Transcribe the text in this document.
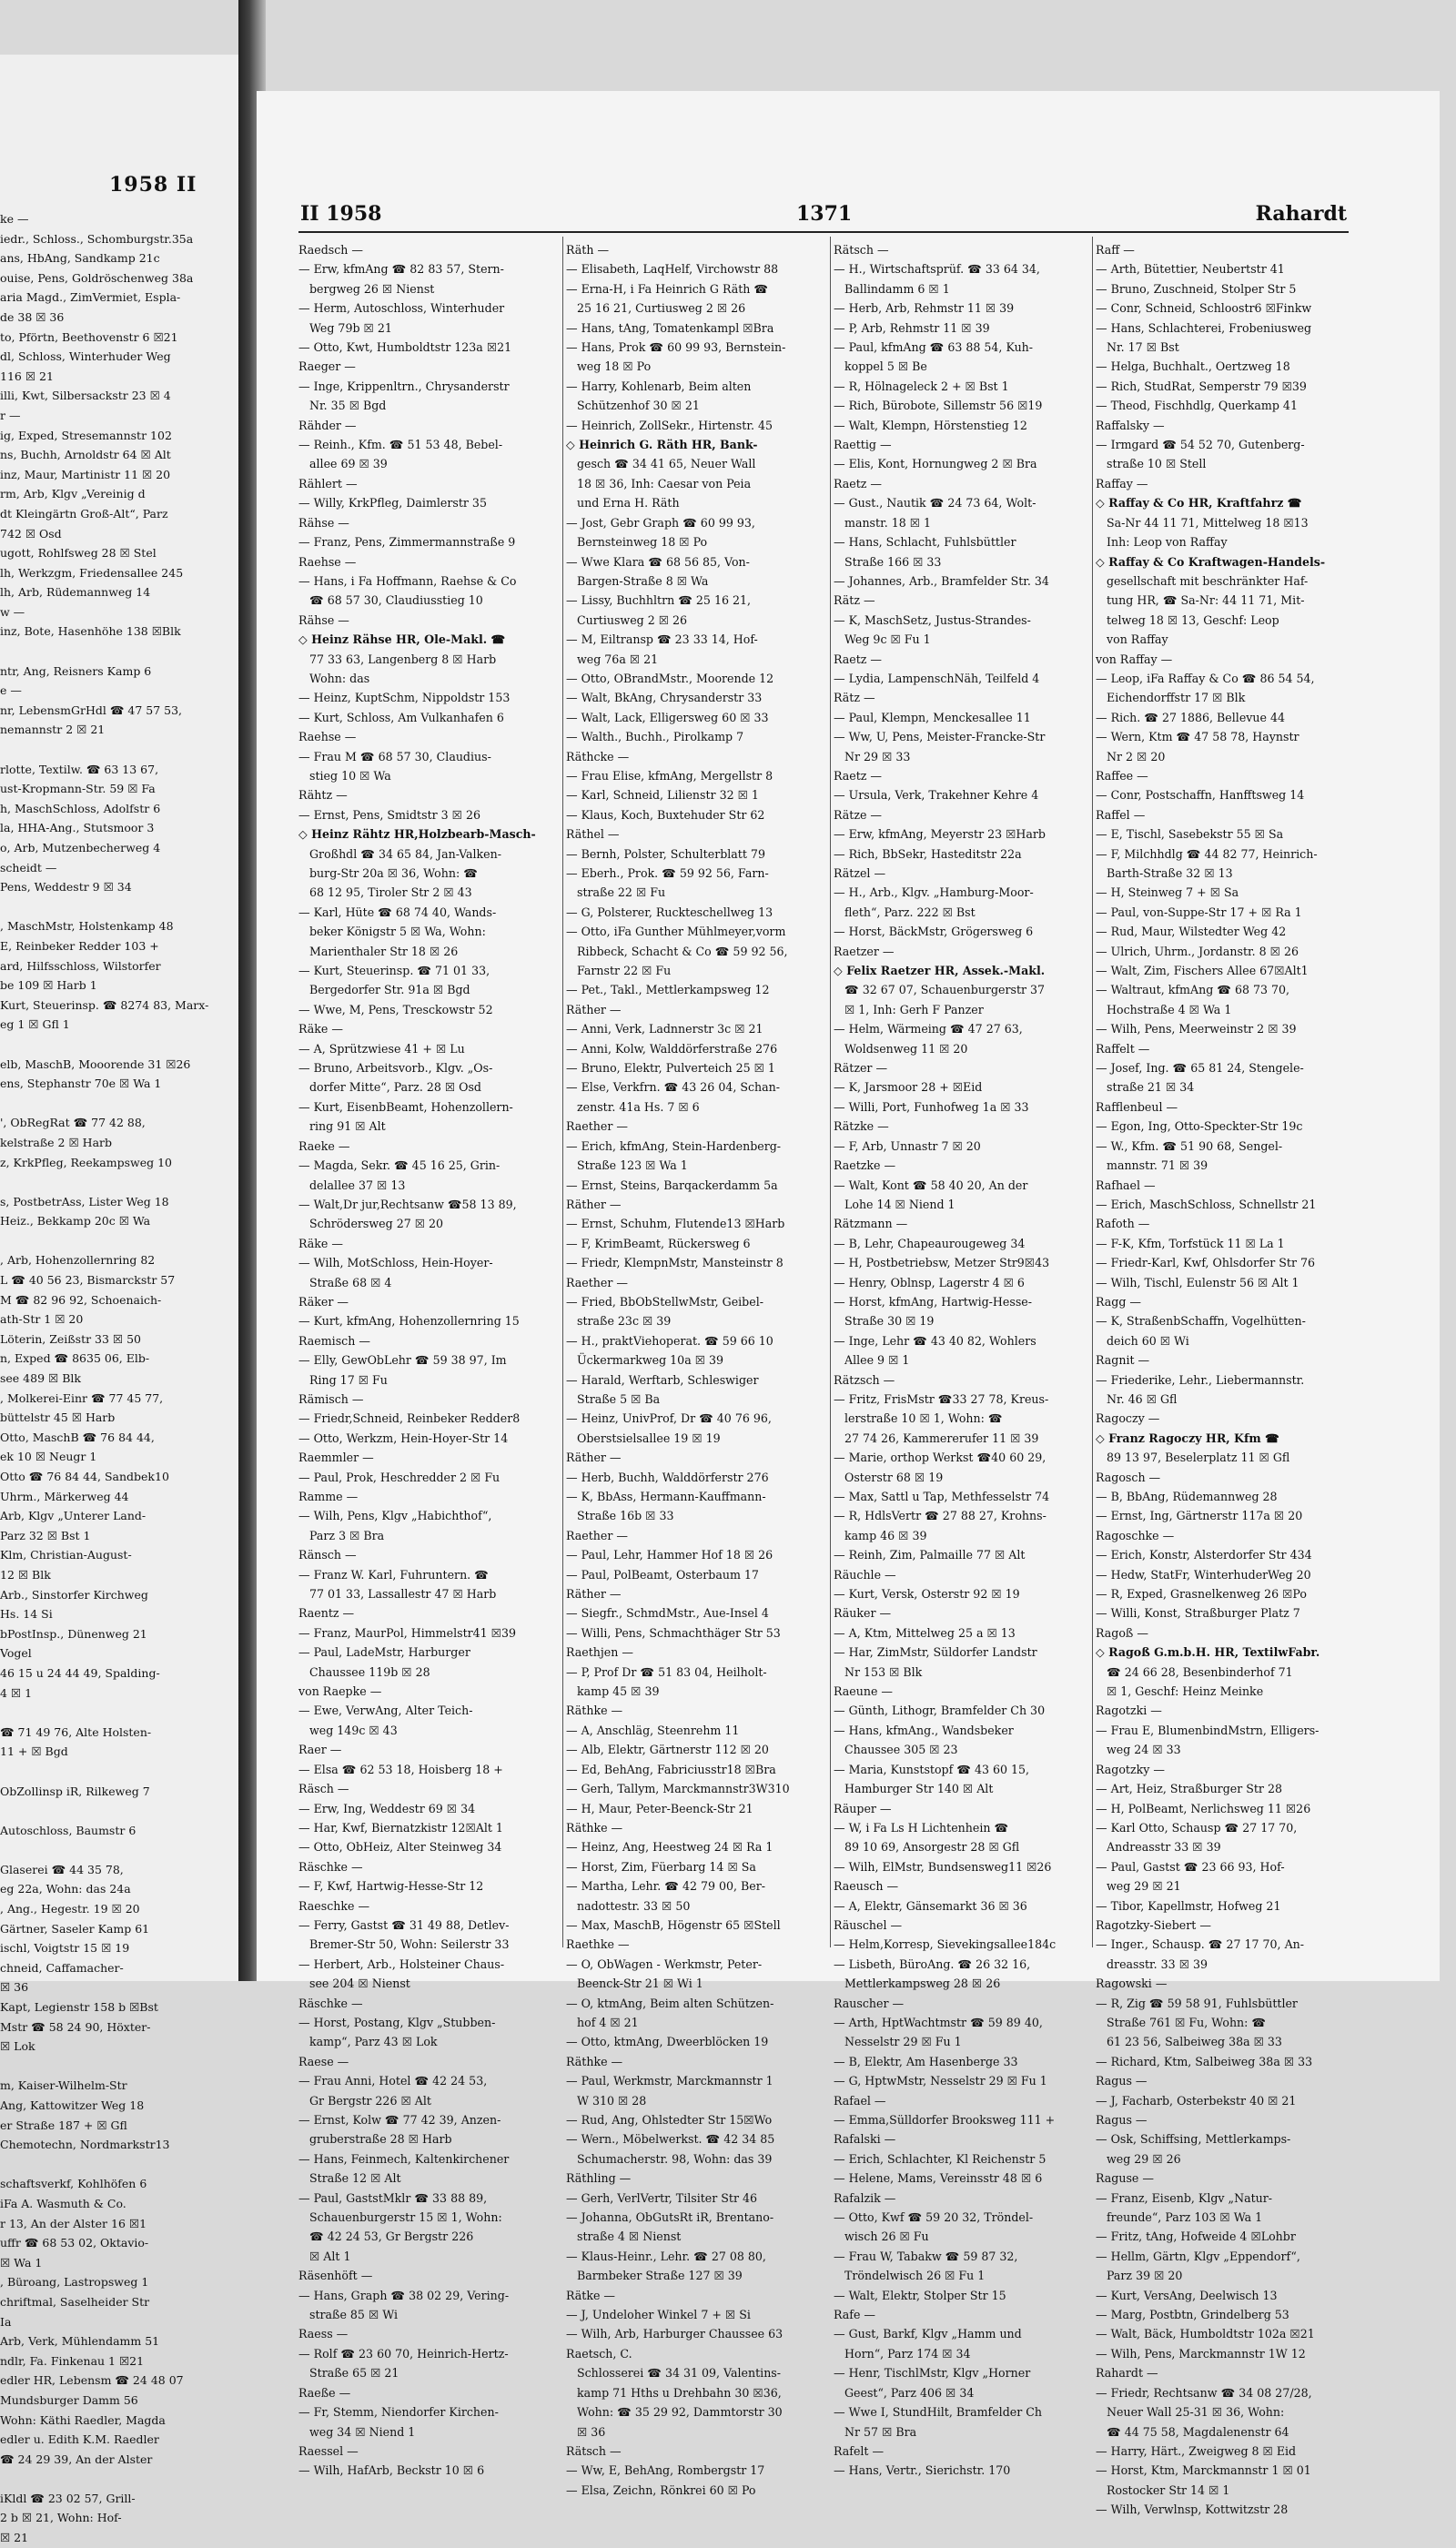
1958 II
ke —
iedr., Schloss., Schomburgstr.35a
ans, HbAng, Sandkamp 21c
ouise, Pens, Goldröschenweg 38a
aria Magd., ZimVermiet, Espla-
de 38 ☒ 36
to, Pförtn, Beethovenstr 6 ☒21
dl, Schloss, Winterhuder Weg
116 ☒ 21
illi, Kwt, Silbersackstr 23 ☒ 4
r —
ig, Exped, Stresemannstr 102
ns, Buchh, Arnoldstr 64 ☒ Alt
inz, Maur, Martinistr 11 ☒ 20
rm, Arb, Klgv „Vereinig d
dt Kleingärtn Groß-Alt“, Parz
742 ☒ Osd
ugott, Rohlfsweg 28 ☒ Stel
lh, Werkzgm, Friedensallee 245
lh, Arb, Rüdemannweg 14
w —
inz, Bote, Hasenhöhe 138 ☒Blk

ntr, Ang, Reisners Kamp 6
e —
nr, LebensmGrHdl ☎ 47 57 53,
nemannstr 2 ☒ 21

rlotte, Textilw. ☎ 63 13 67,
ust-Kropmann-Str. 59 ☒ Fa
h, MaschSchloss, Adolfstr 6
la, HHA-Ang., Stutsmoor 3
o, Arb, Mutzenbecherweg 4
scheidt —
Pens, Weddestr 9 ☒ 34

, MaschMstr, Holstenkamp 48
E, Reinbeker Redder 103 +
ard, Hilfsschloss, Wilstorfer
be 109 ☒ Harb 1
Kurt, Steuerinsp. ☎ 8274 83, Marx-
eg 1 ☒ Gfl 1

elb, MaschB, Mooorende 31 ☒26
ens, Stephanstr 70e ☒ Wa 1

', ObRegRat ☎ 77 42 88,
kelstraße 2 ☒ Harb
z, KrkPfleg, Reekampsweg 10

s, PostbetrAss, Lister Weg 18
Heiz., Bekkamp 20c ☒ Wa

, Arb, Hohenzollernring 82
L ☎ 40 56 23, Bismarckstr 57
M ☎ 82 96 92, Schoenaich-
ath-Str 1 ☒ 20
Löterin, Zeißstr 33 ☒ 50
n, Exped ☎ 8635 06, Elb-
see 489 ☒ Blk
, Molkerei-Einr ☎ 77 45 77,
büttelstr 45 ☒ Harb
Otto, MaschB ☎ 76 84 44,
ek 10 ☒ Neugr 1
Otto ☎ 76 84 44, Sandbek10
Uhrm., Märkerweg 44
Arb, Klgv „Unterer Land-
Parz 32 ☒ Bst 1
Klm, Christian-August-
12 ☒ Blk
Arb., Sinstorfer Kirchweg
Hs. 14 Si
bPostInsp., Dünenweg 21
Vogel
46 15 u 24 44 49, Spalding-
4 ☒ 1

☎ 71 49 76, Alte Holsten-
11 + ☒ Bgd

ObZollinsp iR, Rilkeweg 7

Autoschloss, Baumstr 6

Glaserei ☎ 44 35 78,
eg 22a, Wohn: das 24a
, Ang., Hegestr. 19 ☒ 20
Gärtner, Saseler Kamp 61
ischl, Voigtstr 15 ☒ 19
chneid, Caffamacher-
☒ 36
Kapt, Legienstr 158 b ☒Bst
Mstr ☎ 58 24 90, Höxter-
☒ Lok

m, Kaiser-Wilhelm-Str
Ang, Kattowitzer Weg 18
er Straße 187 + ☒ Gfl
Chemotechn, Nordmarkstr13

schaftsverkf, Kohlhöfen 6
iFa A. Wasmuth & Co.
r 13, An der Alster 16 ☒1
uffr ☎ 68 53 02, Oktavio-
☒ Wa 1
, Büroang, Lastropsweg 1
chriftmal, Saselheider Str
Ia
Arb, Verk, Mühlendamm 51
ndlr, Fa. Finkenau 1 ☒21
edler HR, Lebensm ☎ 24 48 07
Mundsburger Damm 56
Wohn: Käthi Raedler, Magda
edler u. Edith K.M. Raedler
☎ 24 29 39, An der Alster

iKldl ☎ 23 02 57, Grill-
2 b ☒ 21, Wohn: Hof-
☒ 21
II 1958	1371	Rahardt
Raedsch —
— Erw, kfmAng ☎ 82 83 57, Stern-
bergweg 26 ☒ Nienst
— Herm, Autoschloss, Winterhuder
Weg 79b ☒ 21
— Otto, Kwt, Humboldtstr 123a ☒21
Raeger —
— Inge, Krippenltrn., Chrysanderstr
Nr. 35 ☒ Bgd
Rähder —
— Reinh., Kfm. ☎ 51 53 48, Bebel-
allee 69 ☒ 39
Rählert —
— Willy, KrkPfleg, Daimlerstr 35
Rähse —
— Franz, Pens, Zimmermannstraße 9
Raehse —
— Hans, i Fa Hoffmann, Raehse & Co
☎ 68 57 30, Claudiusstieg 10
Rähse —
◇ Heinz Rähse HR, Ole-Makl. ☎
77 33 63, Langenberg 8 ☒ Harb
Wohn: das
— Heinz, KuptSchm, Nippoldstr 153
— Kurt, Schloss, Am Vulkanhafen 6
Raehse —
— Frau M ☎ 68 57 30, Claudius-
stieg 10 ☒ Wa
Rähtz —
— Ernst, Pens, Smidtstr 3 ☒ 26
◇ Heinz Rähtz HR,Holzbearb-Masch-
Großhdl ☎ 34 65 84, Jan-Valken-
burg-Str 20a ☒ 36, Wohn: ☎
68 12 95, Tiroler Str 2 ☒ 43
— Karl, Hüte ☎ 68 74 40, Wands-
beker Königstr 5 ☒ Wa, Wohn:
Marienthaler Str 18 ☒ 26
— Kurt, Steuerinsp. ☎ 71 01 33,
Bergedorfer Str. 91a ☒ Bgd
— Wwe, M, Pens, Tresckowstr 52
Räke —
— A, Sprützwiese 41 + ☒ Lu
— Bruno, Arbeitsvorb., Klgv. „Os-
dorfer Mitte“, Parz. 28 ☒ Osd
— Kurt, EisenbBeamt, Hohenzollern-
ring 91 ☒ Alt
Raeke —
— Magda, Sekr. ☎ 45 16 25, Grin-
delallee 37 ☒ 13
— Walt,Dr jur,Rechtsanw ☎58 13 89,
Schrödersweg 27 ☒ 20
Räke —
— Wilh, MotSchloss, Hein-Hoyer-
Straße 68 ☒ 4
Räker —
— Kurt, kfmAng, Hohenzollernring 15
Raemisch —
— Elly, GewObLehr ☎ 59 38 97, Im
Ring 17 ☒ Fu
Rämisch —
— Friedr,Schneid, Reinbeker Redder8
— Otto, Werkzm, Hein-Hoyer-Str 14
Raemmler —
— Paul, Prok, Heschredder 2 ☒ Fu
Ramme —
— Wilh, Pens, Klgv „Habichthof“,
Parz 3 ☒ Bra
Ränsch —
— Franz W. Karl, Fuhruntern. ☎
77 01 33, Lassallestr 47 ☒ Harb
Raentz —
— Franz, MaurPol, Himmelstr41 ☒39
— Paul, LadeMstr, Harburger
Chaussee 119b ☒ 28
von Raepke —
— Ewe, VerwAng, Alter Teich-
weg 149c ☒ 43
Raer —
— Elsa ☎ 62 53 18, Hoisberg 18 +
Räsch —
— Erw, Ing, Weddestr 69 ☒ 34
— Har, Kwf, Biernatzkistr 12☒Alt 1
— Otto, ObHeiz, Alter Steinweg 34
Räschke —
— F, Kwf, Hartwig-Hesse-Str 12
Raeschke —
— Ferry, Gastst ☎ 31 49 88, Detlev-
Bremer-Str 50, Wohn: Seilerstr 33
— Herbert, Arb., Holsteiner Chaus-
see 204 ☒ Nienst
Räschke —
— Horst, Postang, Klgv „Stubben-
kamp“, Parz 43 ☒ Lok
Raese —
— Frau Anni, Hotel ☎ 42 24 53,
Gr Bergstr 226 ☒ Alt
— Ernst, Kolw ☎ 77 42 39, Anzen-
gruberstraße 28 ☒ Harb
— Hans, Feinmech, Kaltenkirchener
Straße 12 ☒ Alt
— Paul, GaststMklr ☎ 33 88 89,
Schauenburgerstr 15 ☒ 1, Wohn:
☎ 42 24 53, Gr Bergstr 226
☒ Alt 1
Räsenhöft —
— Hans, Graph ☎ 38 02 29, Vering-
straße 85 ☒ Wi
Raess —
— Rolf ☎ 23 60 70, Heinrich-Hertz-
Straße 65 ☒ 21
Raeße —
— Fr, Stemm, Niendorfer Kirchen-
weg 34 ☒ Niend 1
Raessel —
— Wilh, HafArb, Beckstr 10 ☒ 6
Räth —
— Elisabeth, LaqHelf, Virchowstr 88
— Erna-H, i Fa Heinrich G Räth ☎
25 16 21, Curtiusweg 2 ☒ 26
— Hans, tAng, Tomatenkampl ☒Bra
— Hans, Prok ☎ 60 99 93, Bernstein-
weg 18 ☒ Po
— Harry, Kohlenarb, Beim alten
Schützenhof 30 ☒ 21
— Heinrich, ZollSekr., Hirtenstr. 45
◇ Heinrich G. Räth HR, Bank-
gesch ☎ 34 41 65, Neuer Wall
18 ☒ 36, Inh: Caesar von Peia
und Erna H. Räth
— Jost, Gebr Graph ☎ 60 99 93,
Bernsteinweg 18 ☒ Po
— Wwe Klara ☎ 68 56 85, Von-
Bargen-Straße 8 ☒ Wa
— Lissy, Buchhltrn ☎ 25 16 21,
Curtiusweg 2 ☒ 26
— M, Eiltransp ☎ 23 33 14, Hof-
weg 76a ☒ 21
— Otto, OBrandMstr., Moorende 12
— Walt, BkAng, Chrysanderstr 33
— Walt, Lack, Elligersweg 60 ☒ 33
— Walth., Buchh., Pirolkamp 7
Räthcke —
— Frau Elise, kfmAng, Mergellstr 8
— Karl, Schneid, Lilienstr 32 ☒ 1
— Klaus, Koch, Buxtehuder Str 62
Räthel —
— Bernh, Polster, Schulterblatt 79
— Eberh., Prok. ☎ 59 92 56, Farn-
straße 22 ☒ Fu
— G, Polsterer, Ruckteschellweg 13
— Otto, iFa Gunther Mühlmeyer,vorm
Ribbeck, Schacht & Co ☎ 59 92 56,
Farnstr 22 ☒ Fu
— Pet., Takl., Mettlerkampsweg 12
Räther —
— Anni, Verk, Ladnnerstr 3c ☒ 21
— Anni, Kolw, Walddörferstraße 276
— Bruno, Elektr, Pulverteich 25 ☒ 1
— Else, Verkfrn. ☎ 43 26 04, Schan-
zenstr. 41a Hs. 7 ☒ 6
Raether —
— Erich, kfmAng, Stein-Hardenberg-
Straße 123 ☒ Wa 1
— Ernst, Steins, Barqackerdamm 5a
Räther —
— Ernst, Schuhm, Flutende13 ☒Harb
— F, KrimBeamt, Rückersweg 6
— Friedr, KlempnMstr, Mansteinstr 8
Raether —
— Fried, BbObStellwMstr, Geibel-
straße 23c ☒ 39
— H., praktViehoperat. ☎ 59 66 10
Ückermarkweg 10a ☒ 39
— Harald, Werftarb, Schleswiger
Straße 5 ☒ Ba
— Heinz, UnivProf, Dr ☎ 40 76 96,
Oberstsielsallee 19 ☒ 19
Räther —
— Herb, Buchh, Walddörferstr 276
— K, BbAss, Hermann-Kauffmann-
Straße 16b ☒ 33
Raether —
— Paul, Lehr, Hammer Hof 18 ☒ 26
— Paul, PolBeamt, Osterbaum 17
Räther —
— Siegfr., SchmdMstr., Aue-Insel 4
— Willi, Pens, Schmachthäger Str 53
Raethjen —
— P, Prof Dr ☎ 51 83 04, Heilholt-
kamp 45 ☒ 39
Räthke —
— A, Anschläg, Steenrehm 11
— Alb, Elektr, Gärtnerstr 112 ☒ 20
— Ed, BehAng, Fabriciusstr18 ☒Bra
— Gerh, Tallym, Marckmannstr3W310
— H, Maur, Peter-Beenck-Str 21
Räthke —
— Heinz, Ang, Heestweg 24 ☒ Ra 1
— Horst, Zim, Füerbarg 14 ☒ Sa
— Martha, Lehr. ☎ 42 79 00, Ber-
nadottestr. 33 ☒ 50
— Max, MaschB, Högenstr 65 ☒Stell
Raethke —
— O, ObWagen - Werkmstr, Peter-
Beenck-Str 21 ☒ Wi 1
— O, ktmAng, Beim alten Schützen-
hof 4 ☒ 21
— Otto, ktmAng, Dweerblöcken 19
Räthke —
— Paul, Werkmstr, Marckmannstr 1
W 310 ☒ 28
— Rud, Ang, Ohlstedter Str 15☒Wo
— Wern., Möbelwerkst. ☎ 42 34 85
Schumacherstr. 98, Wohn: das 39
Räthling —
— Gerh, VerlVertr, Tilsiter Str 46
— Johanna, ObGutsRt iR, Brentano-
straße 4 ☒ Nienst
— Klaus-Heinr., Lehr. ☎ 27 08 80,
Barmbeker Straße 127 ☒ 39
Rätke —
— J, Undeloher Winkel 7 + ☒ Si
— Wilh, Arb, Harburger Chaussee 63
Raetsch, C.
Schlosserei ☎ 34 31 09, Valentins-
kamp 71 Hths u Drehbahn 30 ☒36,
Wohn: ☎ 35 29 92, Dammtorstr 30
☒ 36
Rätsch —
— Ww, E, BehAng, Rombergstr 17
— Elsa, Zeichn, Rönkrei 60 ☒ Po
Rätsch —
— H., Wirtschaftsprüf. ☎ 33 64 34,
Ballindamm 6 ☒ 1
— Herb, Arb, Rehmstr 11 ☒ 39
— P, Arb, Rehmstr 11 ☒ 39
— Paul, kfmAng ☎ 63 88 54, Kuh-
koppel 5 ☒ Be
— R, Hölnageleck 2 + ☒ Bst 1
— Rich, Bürobote, Sillemstr 56 ☒19
— Walt, Klempn, Hörstenstieg 12
Raettig —
— Elis, Kont, Hornungweg 2 ☒ Bra
Raetz —
— Gust., Nautik ☎ 24 73 64, Wolt-
manstr. 18 ☒ 1
— Hans, Schlacht, Fuhlsbüttler
Straße 166 ☒ 33
— Johannes, Arb., Bramfelder Str. 34
Rätz —
— K, MaschSetz, Justus-Strandes-
Weg 9c ☒ Fu 1
Raetz —
— Lydia, LampenschNäh, Teilfeld 4
Rätz —
— Paul, Klempn, Menckesallee 11
— Ww, U, Pens, Meister-Francke-Str
Nr 29 ☒ 33
Raetz —
— Ursula, Verk, Trakehner Kehre 4
Rätze —
— Erw, kfmAng, Meyerstr 23 ☒Harb
— Rich, BbSekr, Hasteditstr 22a
Rätzel —
— H., Arb., Klgv. „Hamburg-Moor-
fleth“, Parz. 222 ☒ Bst
— Horst, BäckMstr, Grögersweg 6
Raetzer —
◇ Felix Raetzer HR, Assek.-Makl.
☎ 32 67 07, Schauenburgerstr 37
☒ 1, Inh: Gerh F Panzer
— Helm, Wärmeing ☎ 47 27 63,
Woldsenweg 11 ☒ 20
Rätzer —
— K, Jarsmoor 28 + ☒Eid
— Willi, Port, Funhofweg 1a ☒ 33
Rätzke —
— F, Arb, Unnastr 7 ☒ 20
Raetzke —
— Walt, Kont ☎ 58 40 20, An der
Lohe 14 ☒ Niend 1
Rätzmann —
— B, Lehr, Chapeaurougeweg 34
— H, Postbetriebsw, Metzer Str9☒43
— Henry, Oblnsp, Lagerstr 4 ☒ 6
— Horst, kfmAng, Hartwig-Hesse-
Straße 30 ☒ 19
— Inge, Lehr ☎ 43 40 82, Wohlers
Allee 9 ☒ 1
Rätzsch —
— Fritz, FrisMstr ☎33 27 78, Kreus-
lerstraße 10 ☒ 1, Wohn: ☎
27 74 26, Kammererufer 11 ☒ 39
— Marie, orthop Werkst ☎40 60 29,
Osterstr 68 ☒ 19
— Max, Sattl u Tap, Methfesselstr 74
— R, HdlsVertr ☎ 27 88 27, Krohns-
kamp 46 ☒ 39
— Reinh, Zim, Palmaille 77 ☒ Alt
Räuchle —
— Kurt, Versk, Osterstr 92 ☒ 19
Räuker —
— A, Ktm, Mittelweg 25 a ☒ 13
— Har, ZimMstr, Süldorfer Landstr
Nr 153 ☒ Blk
Raeune —
— Günth, Lithogr, Bramfelder Ch 30
— Hans, kfmAng., Wandsbeker
Chaussee 305 ☒ 23
— Maria, Kunststopf ☎ 43 60 15,
Hamburger Str 140 ☒ Alt
Räuper —
— W, i Fa Ls H Lichtenhein ☎
89 10 69, Ansorgestr 28 ☒ Gfl
— Wilh, ElMstr, Bundsensweg11 ☒26
Raeusch —
— A, Elektr, Gänsemarkt 36 ☒ 36
Räuschel —
— Helm,Korresp, Sievekingsallee184c
— Lisbeth, BüroAng. ☎ 26 32 16,
Mettlerkampsweg 28 ☒ 26
Rauscher —
— Arth, HptWachtmstr ☎ 59 89 40,
Nesselstr 29 ☒ Fu 1
— B, Elektr, Am Hasenberge 33
— G, HptwMstr, Nesselstr 29 ☒ Fu 1
Rafael —
— Emma,Sülldorfer Brooksweg 111 +
Rafalski —
— Erich, Schlachter, Kl Reichenstr 5
— Helene, Mams, Vereinsstr 48 ☒ 6
Rafalzik —
— Otto, Kwf ☎ 59 20 32, Tröndel-
wisch 26 ☒ Fu
— Frau W, Tabakw ☎ 59 87 32,
Tröndelwisch 26 ☒ Fu 1
— Walt, Elektr, Stolper Str 15
Rafe —
— Gust, Barkf, Klgv „Hamm und
Horn“, Parz 174 ☒ 34
— Henr, TischlMstr, Klgv „Horner
Geest“, Parz 406 ☒ 34
— Wwe I, StundHilt, Bramfelder Ch
Nr 57 ☒ Bra
Rafelt —
— Hans, Vertr., Sierichstr. 170
Raff —
— Arth, Bütettier, Neubertstr 41
— Bruno, Zuschneid, Stolper Str 5
— Conr, Schneid, Schloostr6 ☒Finkw
— Hans, Schlachterei, Frobeniusweg
Nr. 17 ☒ Bst
— Helga, Buchhalt., Oertzweg 18
— Rich, StudRat, Semperstr 79 ☒39
— Theod, Fischhdlg, Querkamp 41
Raffalsky —
— Irmgard ☎ 54 52 70, Gutenberg-
straße 10 ☒ Stell
Raffay —
◇ Raffay & Co HR, Kraftfahrz ☎
Sa-Nr 44 11 71, Mittelweg 18 ☒13
Inh: Leop von Raffay
◇ Raffay & Co Kraftwagen-Handels-
gesellschaft mit beschränkter Haf-
tung HR, ☎ Sa-Nr: 44 11 71, Mit-
telweg 18 ☒ 13, Geschf: Leop
von Raffay
von Raffay —
— Leop, iFa Raffay & Co ☎ 86 54 54,
Eichendorffstr 17 ☒ Blk
— Rich. ☎ 27 1886, Bellevue 44
— Wern, Ktm ☎ 47 58 78, Haynstr
Nr 2 ☒ 20
Raffee —
— Conr, Postschaffn, Hanfftsweg 14
Raffel —
— E, Tischl, Sasebekstr 55 ☒ Sa
— F, Milchhdlg ☎ 44 82 77, Heinrich-
Barth-Straße 32 ☒ 13
— H, Steinweg 7 + ☒ Sa
— Paul, von-Suppe-Str 17 + ☒ Ra 1
— Rud, Maur, Wilstedter Weg 42
— Ulrich, Uhrm., Jordanstr. 8 ☒ 26
— Walt, Zim, Fischers Allee 67☒Alt1
— Waltraut, kfmAng ☎ 68 73 70,
Hochstraße 4 ☒ Wa 1
— Wilh, Pens, Meerweinstr 2 ☒ 39
Raffelt —
— Josef, Ing. ☎ 65 81 24, Stengele-
straße 21 ☒ 34
Rafflenbeul —
— Egon, Ing, Otto-Speckter-Str 19c
— W., Kfm. ☎ 51 90 68, Sengel-
mannstr. 71 ☒ 39
Rafhael —
— Erich, MaschSchloss, Schnellstr 21
Rafoth —
— F-K, Kfm, Torfstück 11 ☒ La 1
— Friedr-Karl, Kwf, Ohlsdorfer Str 76
— Wilh, Tischl, Eulenstr 56 ☒ Alt 1
Ragg —
— K, StraßenbSchaffn, Vogelhütten-
deich 60 ☒ Wi
Ragnit —
— Friederike, Lehr., Liebermannstr.
Nr. 46 ☒ Gfl
Ragoczy —
◇ Franz Ragoczy HR, Kfm ☎
89 13 97, Beselerplatz 11 ☒ Gfl
Ragosch —
— B, BbAng, Rüdemannweg 28
— Ernst, Ing, Gärtnerstr 117a ☒ 20
Ragoschke —
— Erich, Konstr, Alsterdorfer Str 434
— Hedw, StatFr, WinterhuderWeg 20
— R, Exped, Grasnelkenweg 26 ☒Po
— Willi, Konst, Straßburger Platz 7
Ragoß —
◇ Ragoß G.m.b.H. HR, TextilwFabr.
☎ 24 66 28, Besenbinderhof 71
☒ 1, Geschf: Heinz Meinke
Ragotzki —
— Frau E, BlumenbindMstrn, Elligers-
weg 24 ☒ 33
Ragotzky —
— Art, Heiz, Straßburger Str 28
— H, PolBeamt, Nerlichsweg 11 ☒26
— Karl Otto, Schausp ☎ 27 17 70,
Andreasstr 33 ☒ 39
— Paul, Gastst ☎ 23 66 93, Hof-
weg 29 ☒ 21
— Tibor, Kapellmstr, Hofweg 21
Ragotzky-Siebert —
— Inger., Schausp. ☎ 27 17 70, An-
dreasstr. 33 ☒ 39
Ragowski —
— R, Zig ☎ 59 58 91, Fuhlsbüttler
Straße 761 ☒ Fu, Wohn: ☎
61 23 56, Salbeiweg 38a ☒ 33
— Richard, Ktm, Salbeiweg 38a ☒ 33
Ragus —
— J, Facharb, Osterbekstr 40 ☒ 21
Ragus —
— Osk, Schiffsing, Mettlerkamps-
weg 29 ☒ 26
Raguse —
— Franz, Eisenb, Klgv „Natur-
freunde“, Parz 103 ☒ Wa 1
— Fritz, tAng, Hofweide 4 ☒Lohbr
— Hellm, Gärtn, Klgv „Eppendorf“,
Parz 39 ☒ 20
— Kurt, VersAng, Deelwisch 13
— Marg, Postbtn, Grindelberg 53
— Walt, Bäck, Humboldtstr 102a ☒21
— Wilh, Pens, Marckmannstr 1W 12
Rahardt —
— Friedr, Rechtsanw ☎ 34 08 27/28,
Neuer Wall 25-31 ☒ 36, Wohn:
☎ 44 75 58, Magdalenenstr 64
— Harry, Härt., Zweigweg 8 ☒ Eid
— Horst, Ktm, Marckmannstr 1 ☒ 01
Rostocker Str 14 ☒ 1
— Wilh, Verwlnsp, Kottwitzstr 28
